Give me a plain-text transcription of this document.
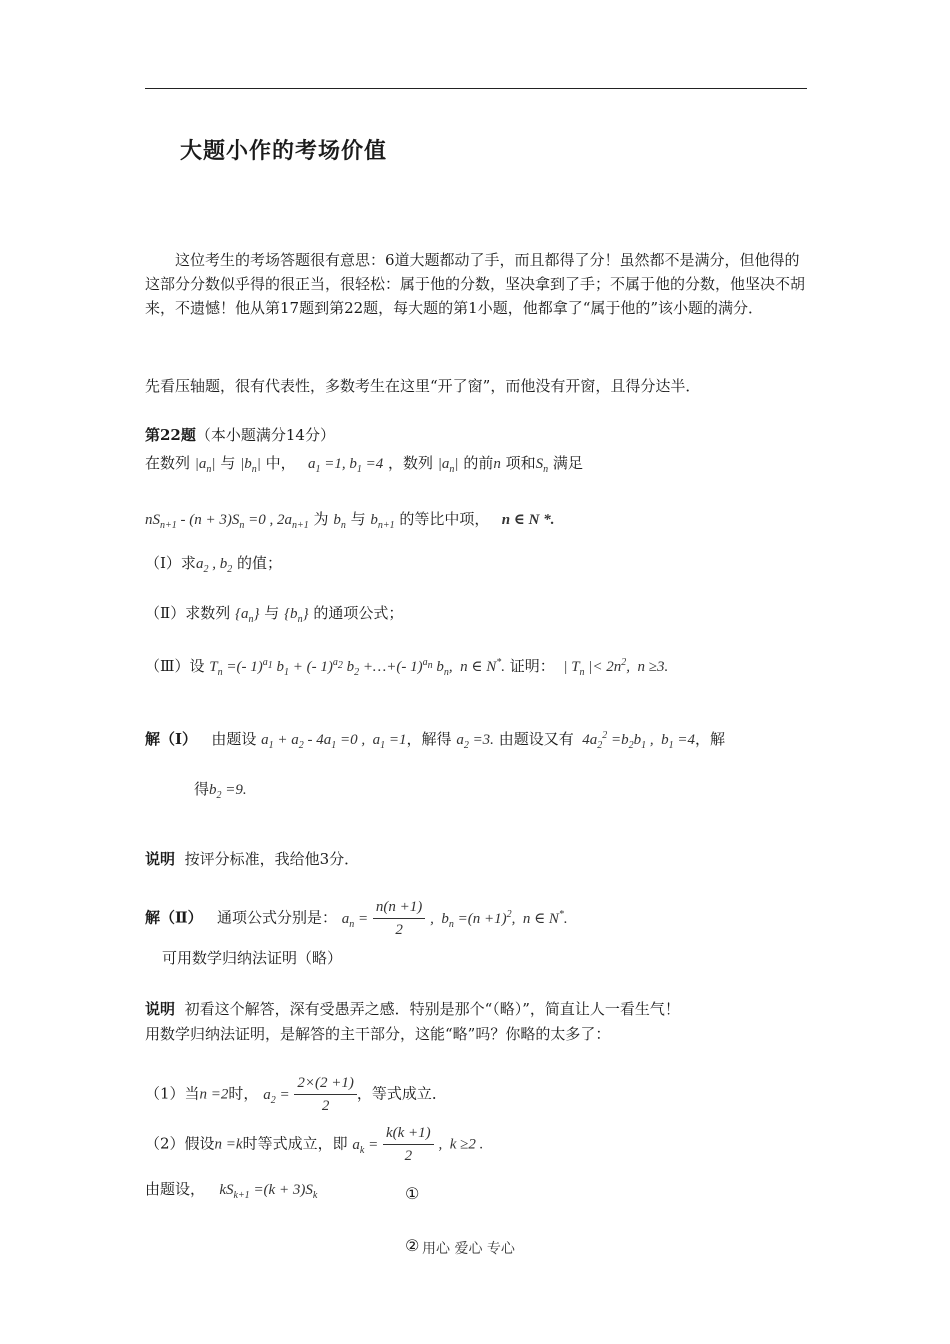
大题小作的考场价值
这位考生的考场答题很有意思：6道大题都动了手，而且都得了分！虽然都不是满分，但他得的这部分分数似乎得的很正当，很轻松：属于他的分数，坚决拿到了手；不属于他的分数，他坚决不胡来，不遗憾！他从第17题到第22题，每大题的第1小题，他都拿了“属于他的”该小题的满分．
先看压轴题，很有代表性，多数考生在这里“开了窗”，而他没有开窗，且得分达半．
第22题（本小题满分14分）
在数列 $|a_n|$ 与 $|b_n|$ 中，   $a_1 =1$, $b_1 =4$ ，数列 $|a_n|$ 的前n 项和$S_n$ 满足
$nS_{n+1} - (n + 3)S_n =0$ , $2a_{n+1}$ 为 $b_n$ 与 $b_{n+1}$ 的等比中项，   n ∈ N *.
（Ⅰ）求$a_2$ , $b_2$ 的值；
（Ⅱ）求数列 $\{a_n\}$ 与 $\{b_n\}$ 的通项公式；
（Ⅲ）设 $T_n$ =(- 1)$^{a_1}$ $b_1$ + (- 1)$^{a_2}$ $b_2$ +…+(- 1)$^{a_n}$ $b_n$,  n ∈ N*. 证明：  | $T_n$ |< $2n^2$,  n ≥3.
解（Ⅰ） 由题设 $a_1 + a_2 - 4a_1 =0$ ,  $a_1 =1$，解得 $a_2 =3$. 由题设又有  $4a_2^2 =b_2b_1$ ,  $b_1 =4$，解
得$b_2 =9$.
说明 按评分标准，我给他3分．
解（Ⅱ） 通项公式分别是： $a_n = \frac{n(n +1)}{2}$ ,  $b_n =(n +1)^2$,  n ∈ N*.
可用数学归纳法证明（略）
说明 初看这个解答，深有受愚弄之感．特别是那个“（略）”，简直让人一看生气！
用数学归纳法证明，是解答的主干部分，这能“略”吗？你略的太多了：
（1）当n =2时， $a_2 = \frac{2\times(2 +1)}{2}$ ，等式成立．
（2）假设n =k时等式成立，即 $a_k = \frac{k(k +1)}{2}$ ,  k ≥2 .
由题设， $kS_{k+1} =(k + 3)S_k$	①
② 用心 爱心 专心
